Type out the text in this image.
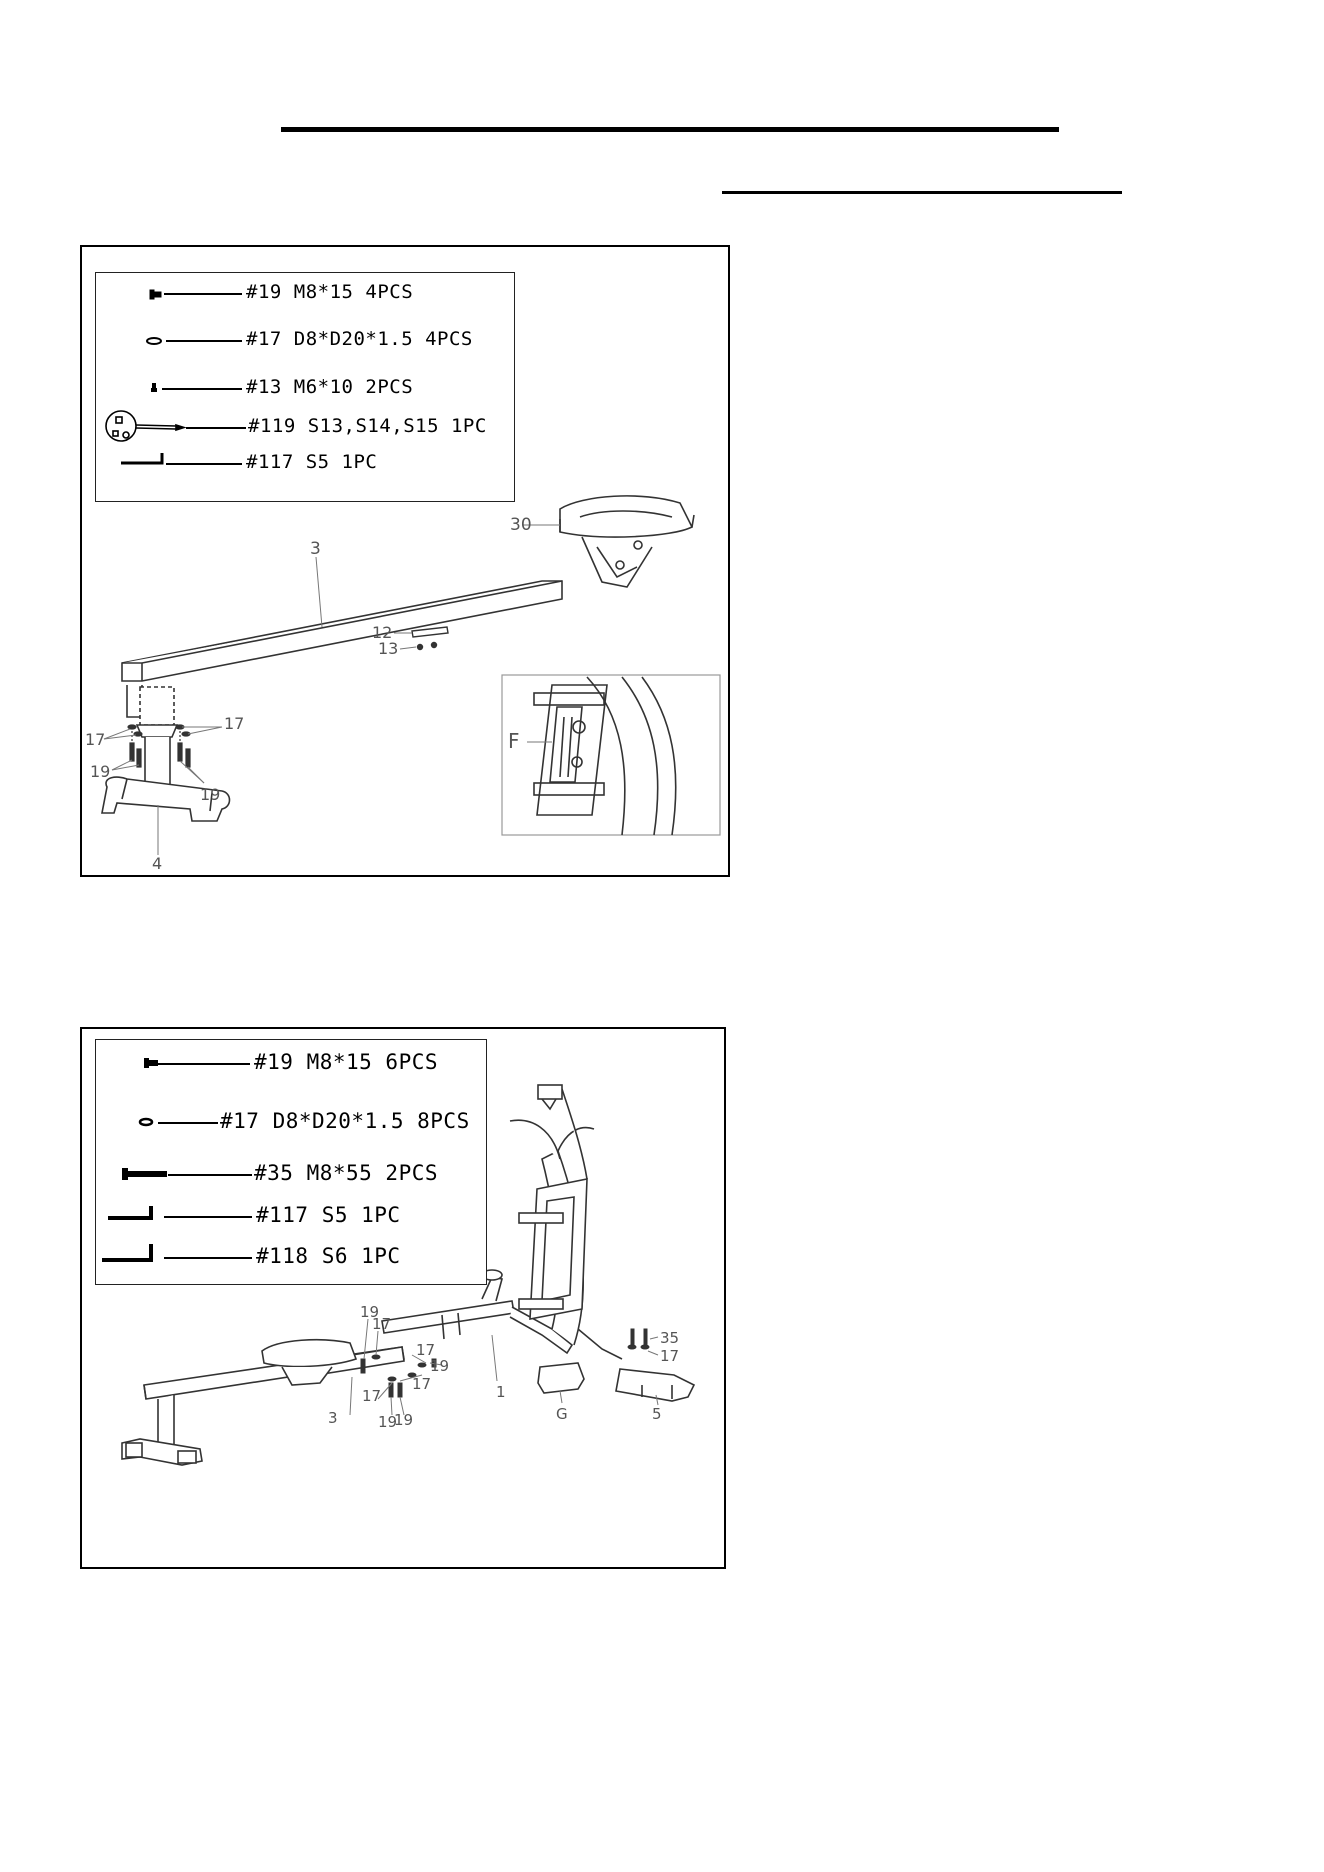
30
3
12
13
17
17
19
19
4
F
#19 M8*15 4PCS
#17 D8*D20*1.5 4PCS
#13 M6*10 2PCS
#119 S13,S14,S15 1PC
#117 S5 1PC
19
17
17
19
17
17
19
19
3
1
G
35
17
5
#19 M8*15 6PCS
#17 D8*D20*1.5 8PCS
#35 M8*55 2PCS
#117 S5 1PC
#118 S6 1PC
